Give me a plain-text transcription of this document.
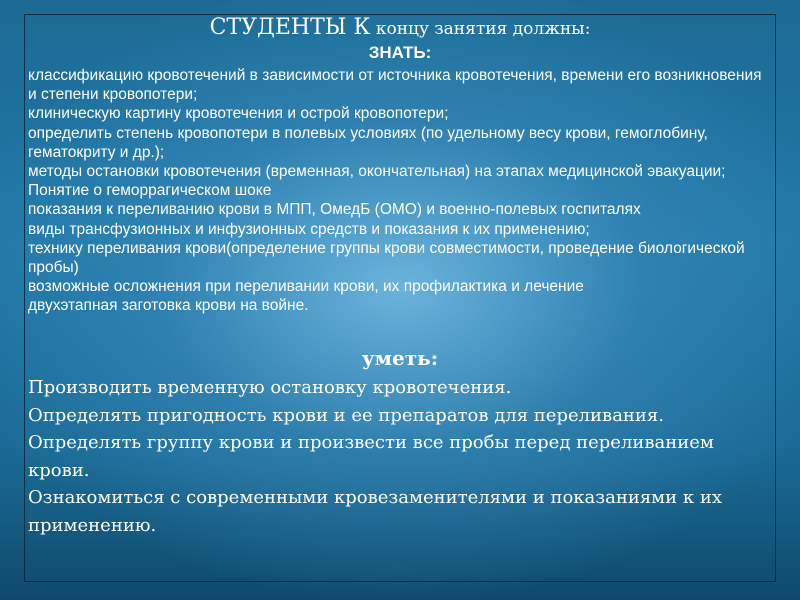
СТУДЕНТЫ К концу занятия должны:
ЗНАТЬ:
классификацию кровотечений в зависимости от источника кровотечения, времени его возникновения и степени кровопотери;
клиническую картину кровотечения и острой кровопотери;
определить степень кровопотери в полевых условиях (по удельному весу крови, гемоглобину, гематокриту и др.);
методы остановки кровотечения (временная, окончательная) на этапах медицинской эвакуации;
Понятие о геморрагическом шоке
показания к переливанию крови в МПП, ОмедБ (ОМО) и военно-полевых госпиталях
виды трансфузионных и инфузионных средств и показания к их применению;
технику переливания крови(определение группы крови совместимости, проведение биологической пробы)
возможные осложнения при переливании крови, их профилактика и лечение
двухэтапная заготовка крови на войне.
уметь:
Производить временную остановку кровотечения.
Определять пригодность крови и ее препаратов для переливания.
Определять группу крови и произвести все пробы перед переливанием крови.
Ознакомиться с современными кровезаменителями и показаниями к их применению.
